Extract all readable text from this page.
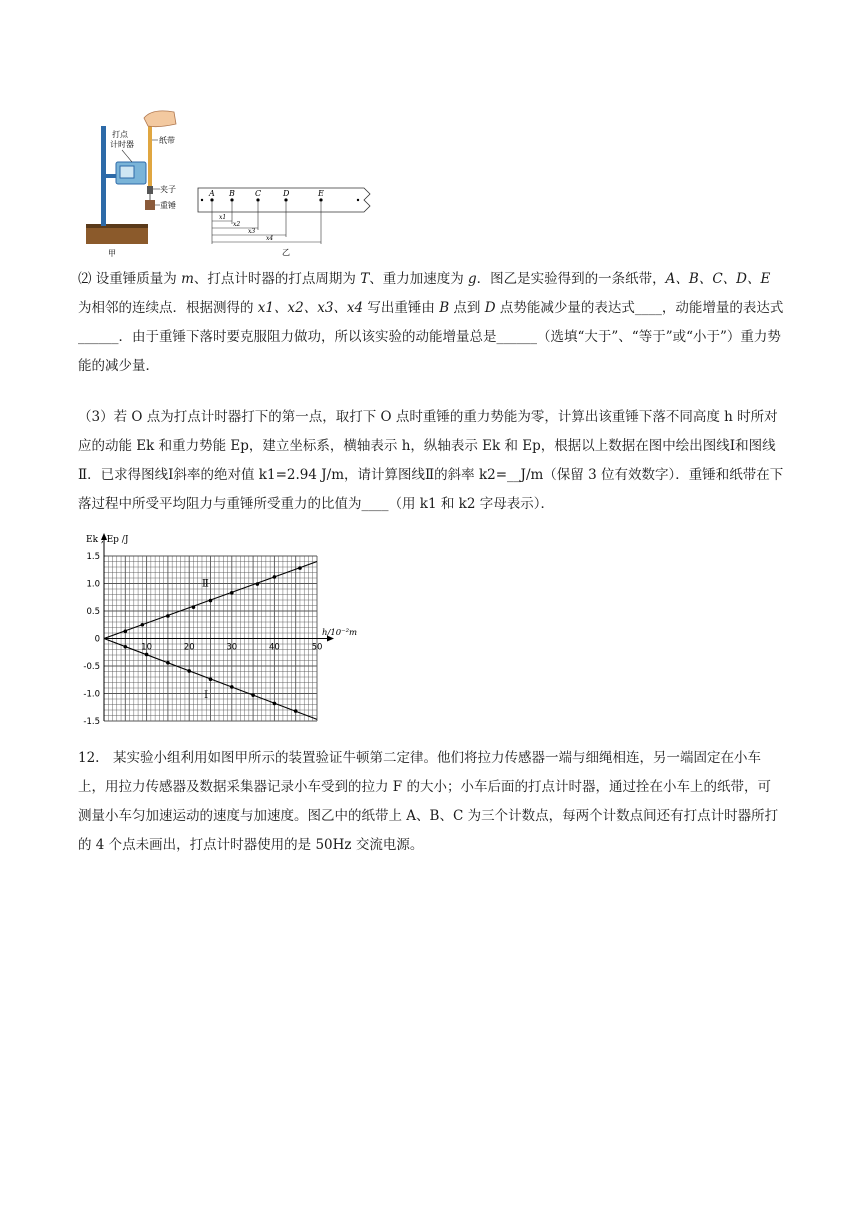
打点计时器	纸带
夹子
重锤
甲
A B	C	D	E
x1
x2
x3
x4
乙

⑵ 设重锤质量为 m、打点计时器的打点周期为 T、重力加速度为 g．图乙是实验得到的一条纸带，A、B、C、D、E 为相邻的连续点．根据测得的 x1、x2、x3、x4 写出重锤由 B 点到 D 点势能减少量的表达式____，动能增量的表达式______．由于重锤下落时要克服阻力做功，所以该实验的动能增量总是______（选填“大于”、“等于”或“小于”）重力势能的减少量．

（3）若 O 点为打点计时器打下的第一点，取打下 O 点时重锤的重力势能为零，计算出该重锤下落不同高度 h 时所对应的动能 Ek 和重力势能 Ep，建立坐标系，横轴表示 h，纵轴表示 Ek 和 Ep，根据以上数据在图中绘出图线Ⅰ和图线Ⅱ．已求得图线Ⅰ斜率的绝对值 k1=2.94 J/m，请计算图线Ⅱ的斜率 k2=__J/m（保留 3 位有效数字）．重锤和纸带在下落过程中所受平均阻力与重锤所受重力的比值为____（用 k1 和 k2 字母表示）．

1.5
1.0
0.5
0
-0.5
-1.0
-1.5
10	20	30	40	50
Ⅱ
Ⅰ
Ek , Ep /J
h/10⁻²m

12.　某实验小组利用如图甲所示的装置验证牛顿第二定律。他们将拉力传感器一端与细绳相连，另一端固定在小车上，用拉力传感器及数据采集器记录小车受到的拉力 F 的大小；小车后面的打点计时器，通过拴在小车上的纸带，可测量小车匀加速运动的速度与加速度。图乙中的纸带上 A、B、C 为三个计数点，每两个计数点间还有打点计时器所打的 4 个点未画出，打点计时器使用的是 50Hz 交流电源。
